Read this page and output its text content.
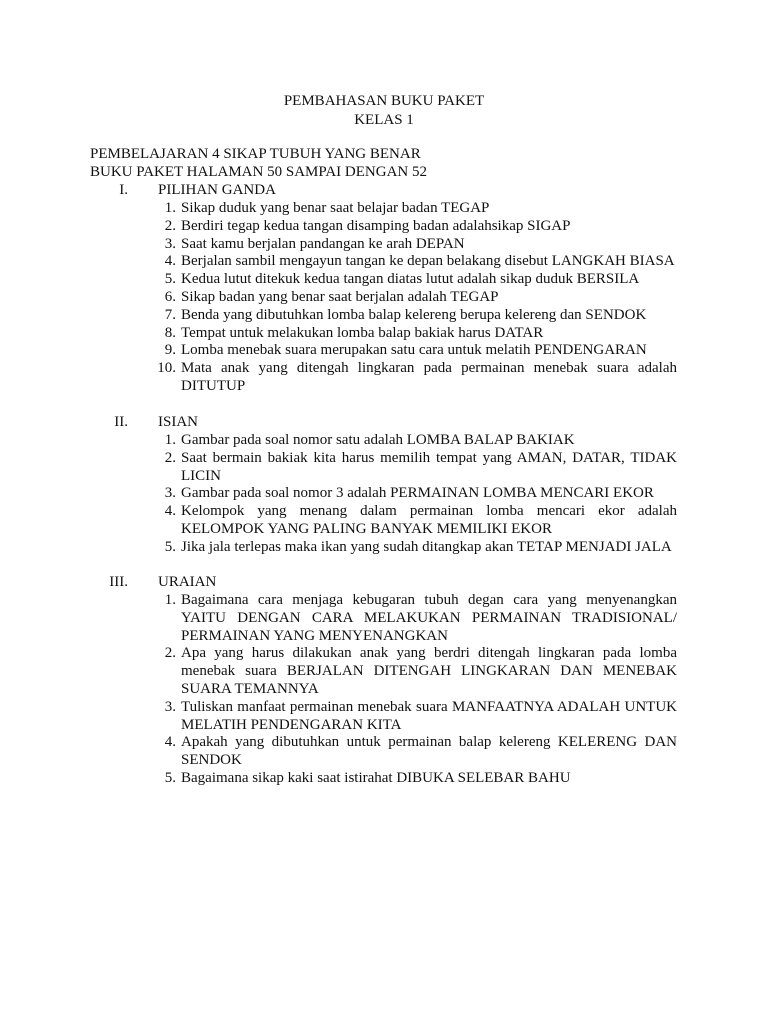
PEMBAHASAN BUKU PAKET
KELAS 1
PEMBELAJARAN 4 SIKAP TUBUH YANG BENAR
BUKU PAKET HALAMAN 50 SAMPAI DENGAN 52
I. PILIHAN GANDA
1. Sikap duduk yang benar saat belajar badan TEGAP
2. Berdiri tegap kedua tangan disamping badan adalahsikap SIGAP
3. Saat kamu berjalan pandangan ke arah DEPAN
4. Berjalan sambil mengayun tangan ke depan belakang disebut LANGKAH BIASA
5. Kedua lutut ditekuk kedua tangan diatas lutut adalah sikap duduk BERSILA
6. Sikap badan yang benar saat berjalan adalah TEGAP
7. Benda yang dibutuhkan lomba balap kelereng berupa kelereng dan SENDOK
8. Tempat untuk melakukan lomba balap bakiak harus DATAR
9. Lomba menebak suara merupakan satu cara untuk melatih PENDENGARAN
10. Mata anak yang ditengah lingkaran pada permainan menebak suara adalah DITUTUP
II. ISIAN
1. Gambar pada soal nomor satu adalah LOMBA BALAP BAKIAK
2. Saat bermain bakiak kita harus memilih tempat yang AMAN, DATAR, TIDAK LICIN
3. Gambar pada soal nomor 3 adalah PERMAINAN LOMBA MENCARI EKOR
4. Kelompok yang menang dalam permainan lomba mencari ekor adalah KELOMPOK YANG PALING BANYAK MEMILIKI EKOR
5. Jika jala terlepas maka ikan yang sudah ditangkap akan TETAP MENJADI JALA
III. URAIAN
1. Bagaimana cara menjaga kebugaran tubuh degan cara yang menyenangkan YAITU DENGAN CARA MELAKUKAN PERMAINAN TRADISIONAL/ PERMAINAN YANG MENYENANGKAN
2. Apa yang harus dilakukan anak yang berdri ditengah lingkaran pada lomba menebak suara BERJALAN DITENGAH LINGKARAN DAN MENEBAK SUARA TEMANNYA
3. Tuliskan manfaat permainan menebak suara MANFAATNYA ADALAH UNTUK MELATIH PENDENGARAN KITA
4. Apakah yang dibutuhkan untuk permainan balap kelereng KELERENG DAN SENDOK
5. Bagaimana sikap kaki saat istirahat DIBUKA SELEBAR BAHU
